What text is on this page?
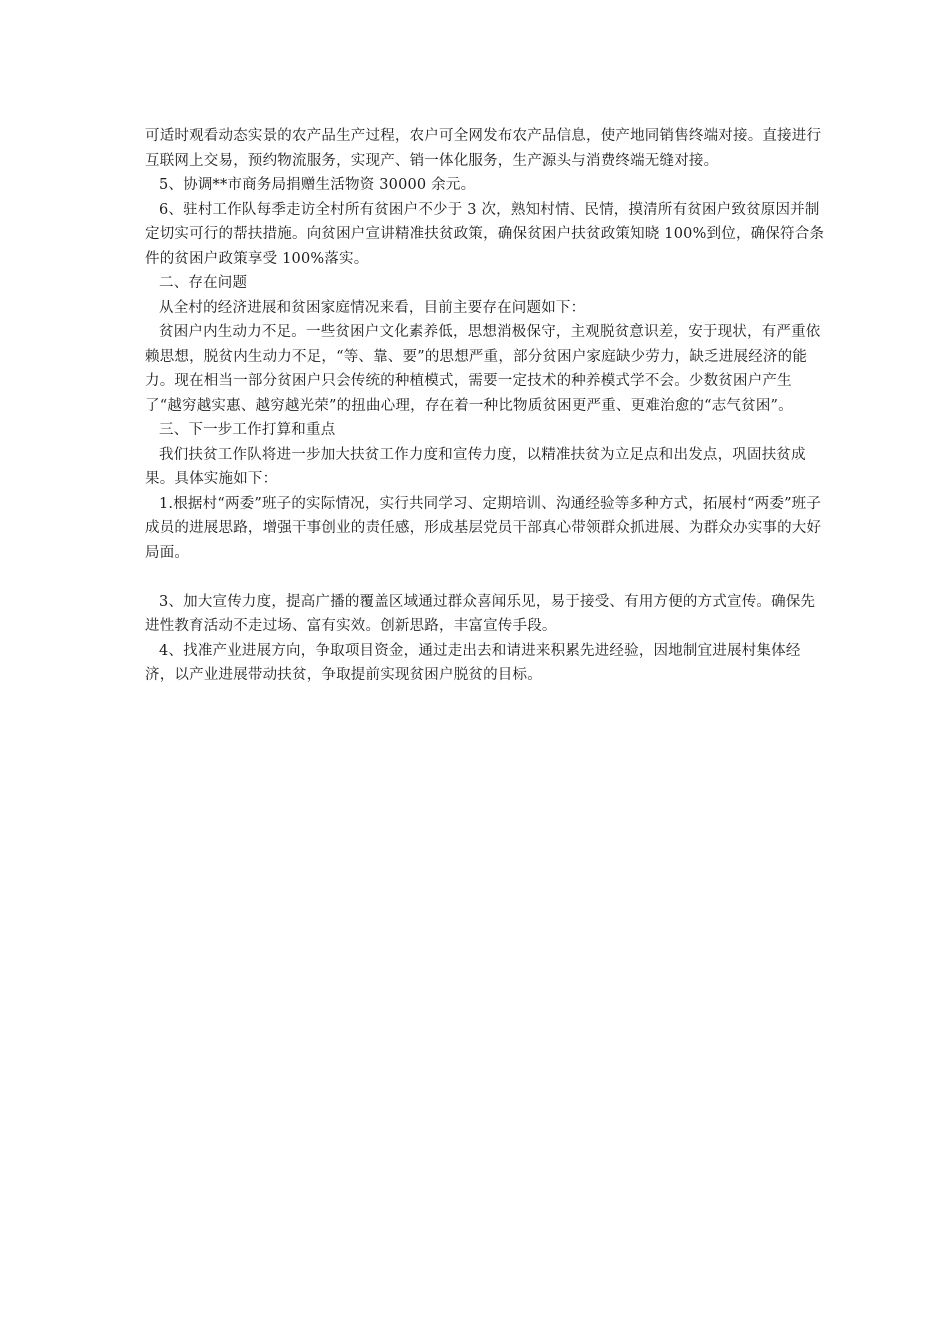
可适时观看动态实景的农产品生产过程，农户可全网发布农产品信息，使产地同销售终端对接。直接进行互联网上交易，预约物流服务，实现产、销一体化服务，生产源头与消费终端无缝对接。

5、协调**市商务局捐赠生活物资 30000 余元。

6、驻村工作队每季走访全村所有贫困户不少于 3 次，熟知村情、民情，摸清所有贫困户致贫原因并制定切实可行的帮扶措施。向贫困户宣讲精准扶贫政策，确保贫困户扶贫政策知晓 100%到位，确保符合条件的贫困户政策享受 100%落实。

二、存在问题

从全村的经济进展和贫困家庭情况来看，目前主要存在问题如下：

贫困户内生动力不足。一些贫困户文化素养低，思想消极保守，主观脱贫意识差，安于现状，有严重依赖思想，脱贫内生动力不足，“等、靠、要”的思想严重，部分贫困户家庭缺少劳力，缺乏进展经济的能力。现在相当一部分贫困户只会传统的种植模式，需要一定技术的种养模式学不会。少数贫困户产生了“越穷越实惠、越穷越光荣”的扭曲心理，存在着一种比物质贫困更严重、更难治愈的“志气贫困”。

三、下一步工作打算和重点

我们扶贫工作队将进一步加大扶贫工作力度和宣传力度，以精准扶贫为立足点和出发点，巩固扶贫成果。具体实施如下：

1.根据村“两委”班子的实际情况，实行共同学习、定期培训、沟通经验等多种方式，拓展村“两委”班子成员的进展思路，增强干事创业的责任感，形成基层党员干部真心带领群众抓进展、为群众办实事的大好局面。

3、加大宣传力度，提高广播的覆盖区域通过群众喜闻乐见，易于接受、有用方便的方式宣传。确保先进性教育活动不走过场、富有实效。创新思路，丰富宣传手段。

4、找准产业进展方向，争取项目资金，通过走出去和请进来积累先进经验，因地制宜进展村集体经济，以产业进展带动扶贫，争取提前实现贫困户脱贫的目标。
